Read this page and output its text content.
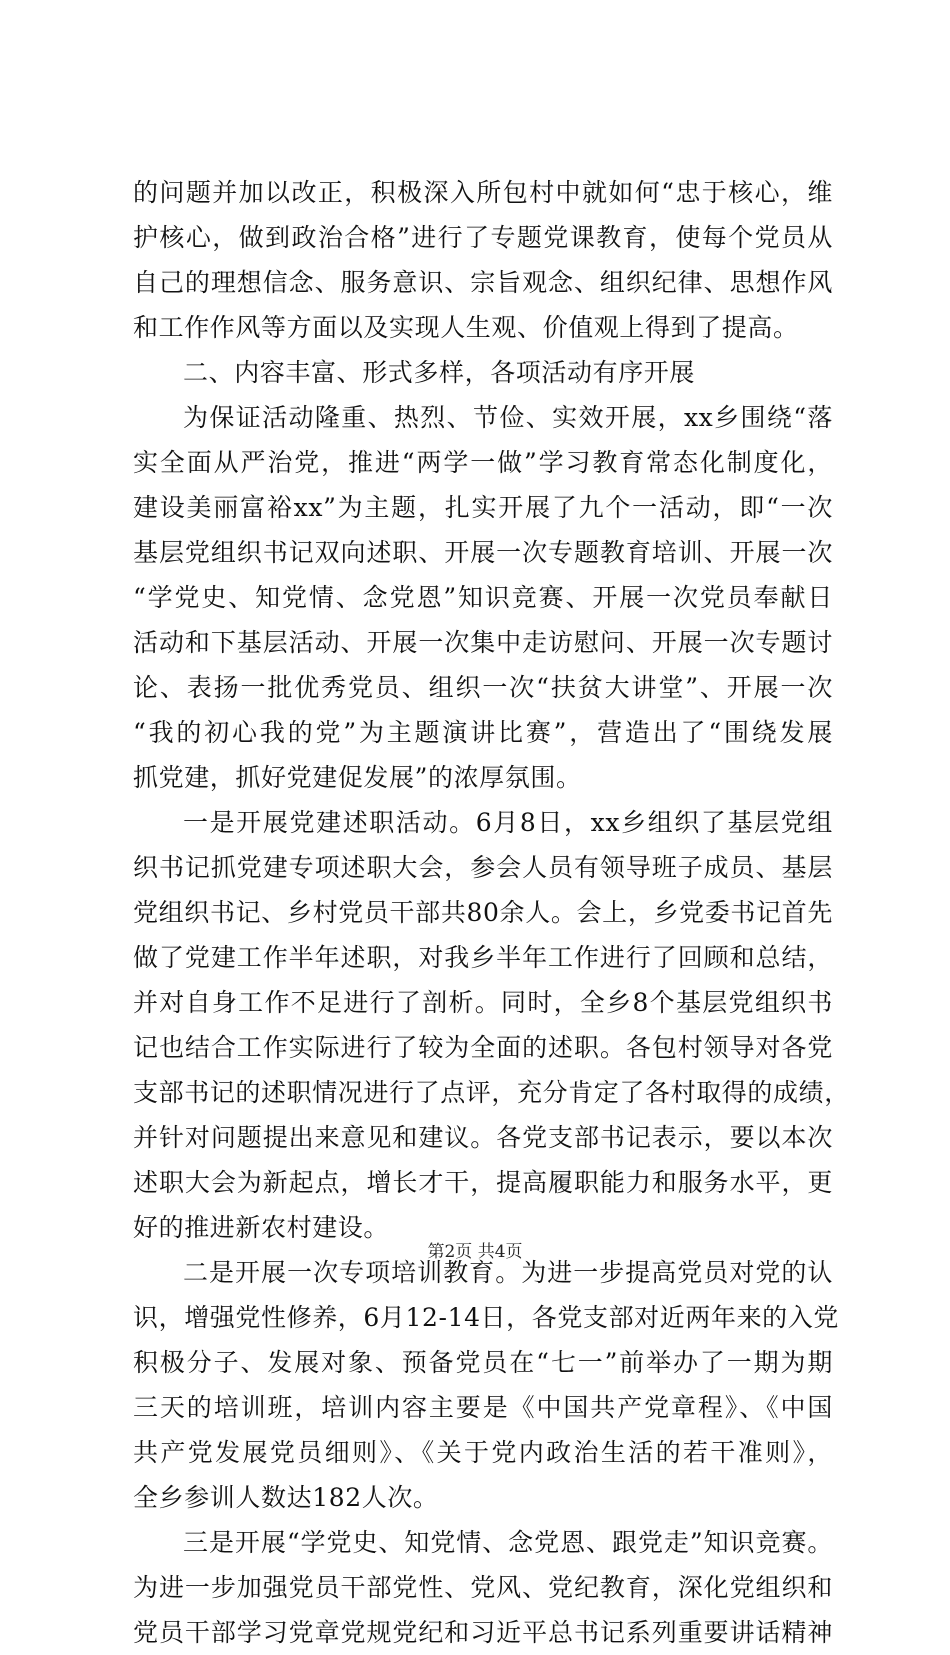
的问题并加以改正，积极深入所包村中就如何“忠于核心，维
护核心，做到政治合格”进行了专题党课教育，使每个党员从
自己的理想信念、服务意识、宗旨观念、组织纪律、思想作风
和工作作风等方面以及实现人生观、价值观上得到了提高。
二、内容丰富、形式多样，各项活动有序开展
为保证活动隆重、热烈、节俭、实效开展，xx乡围绕“落
实全面从严治党，推进“两学一做”学习教育常态化制度化，
建设美丽富裕xx”为主题，扎实开展了九个一活动，即“一次
基层党组织书记双向述职、开展一次专题教育培训、开展一次
“学党史、知党情、念党恩”知识竞赛、开展一次党员奉献日
活动和下基层活动、开展一次集中走访慰问、开展一次专题讨
论、表扬一批优秀党员、组织一次“扶贫大讲堂”、开展一次
“我的初心我的党”为主题演讲比赛”，营造出了“围绕发展
抓党建，抓好党建促发展”的浓厚氛围。
一是开展党建述职活动。6月8日，xx乡组织了基层党组
织书记抓党建专项述职大会，参会人员有领导班子成员、基层
党组织书记、乡村党员干部共80余人。会上，乡党委书记首先
做了党建工作半年述职，对我乡半年工作进行了回顾和总结，
并对自身工作不足进行了剖析。同时，全乡8个基层党组织书
记也结合工作实际进行了较为全面的述职。各包村领导对各党
支部书记的述职情况进行了点评，充分肯定了各村取得的成绩，
并针对问题提出来意见和建议。各党支部书记表示，要以本次
述职大会为新起点，增长才干，提高履职能力和服务水平，更
好的推进新农村建设。
二是开展一次专项培训教育。为进一步提高党员对党的认
识，增强党性修养，6月12-14日，各党支部对近两年来的入党
积极分子、发展对象、预备党员在“七一”前举办了一期为期
三天的培训班，培训内容主要是《中国共产党章程》、《中国
共产党发展党员细则》、《关于党内政治生活的若干准则》，
全乡参训人数达182人次。
三是开展“学党史、知党情、念党恩、跟党走”知识竞赛。
为进一步加强党员干部党性、党风、党纪教育，深化党组织和
党员干部学习党章党规党纪和习近平总书记系列重要讲话精神
第2页 共4页
